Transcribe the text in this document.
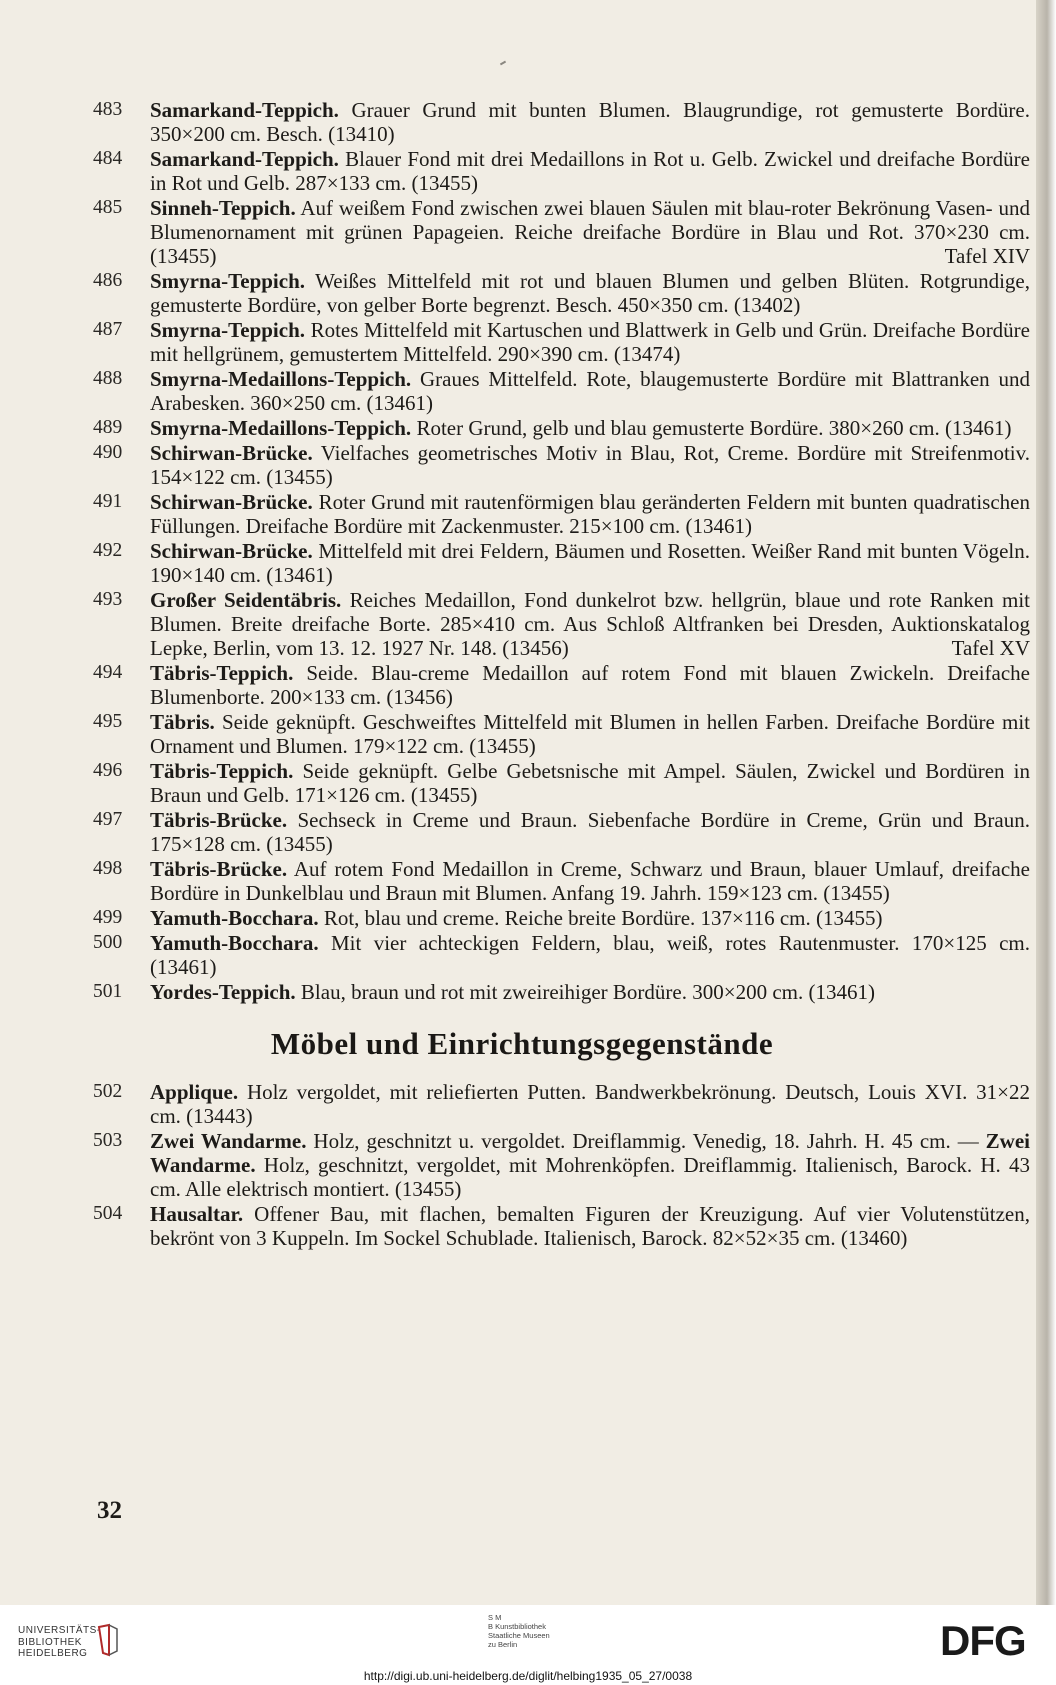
483	Samarkand-Teppich. Grauer Grund mit bunten Blumen. Blaugrundige, rot gemusterte Bordüre. 350×200 cm. Besch. (13410)
484	Samarkand-Teppich. Blauer Fond mit drei Medaillons in Rot u. Gelb. Zwickel und dreifache Bordüre in Rot und Gelb. 287×133 cm. (13455)
485	Sinneh-Teppich. Auf weißem Fond zwischen zwei blauen Säulen mit blau-roter Bekrönung Vasen- und Blumenornament mit grünen Papageien. Reiche dreifache Bordüre in Blau und Rot. 370×230 cm. (13455)	Tafel XIV
486	Smyrna-Teppich. Weißes Mittelfeld mit rot und blauen Blumen und gelben Blüten. Rotgrundige, gemusterte Bordüre, von gelber Borte begrenzt. Besch. 450×350 cm. (13402)
487	Smyrna-Teppich. Rotes Mittelfeld mit Kartuschen und Blattwerk in Gelb und Grün. Dreifache Bordüre mit hellgrünem, gemustertem Mittelfeld. 290×390 cm. (13474)
488	Smyrna-Medaillons-Teppich. Graues Mittelfeld. Rote, blaugemusterte Bordüre mit Blattranken und Arabesken. 360×250 cm. (13461)
489	Smyrna-Medaillons-Teppich. Roter Grund, gelb und blau gemusterte Bordüre. 380×260 cm. (13461)
490	Schirwan-Brücke. Vielfaches geometrisches Motiv in Blau, Rot, Creme. Bordüre mit Streifenmotiv. 154×122 cm. (13455)
491	Schirwan-Brücke. Roter Grund mit rautenförmigen blau geränderten Feldern mit bunten quadratischen Füllungen. Dreifache Bordüre mit Zackenmuster. 215×100 cm. (13461)
492	Schirwan-Brücke. Mittelfeld mit drei Feldern, Bäumen und Rosetten. Weißer Rand mit bunten Vögeln. 190×140 cm. (13461)
493	Großer Seidentäbris. Reiches Medaillon, Fond dunkelrot bzw. hellgrün, blaue und rote Ranken mit Blumen. Breite dreifache Borte. 285×410 cm. Aus Schloß Altfranken bei Dresden, Auktionskatalog Lepke, Berlin, vom 13. 12. 1927 Nr. 148. (13456)	Tafel XV
494	Täbris-Teppich. Seide. Blau-creme Medaillon auf rotem Fond mit blauen Zwickeln. Dreifache Blumenborte. 200×133 cm. (13456)
495	Täbris. Seide geknüpft. Geschweiftes Mittelfeld mit Blumen in hellen Farben. Dreifache Bordüre mit Ornament und Blumen. 179×122 cm. (13455)
496	Täbris-Teppich. Seide geknüpft. Gelbe Gebetsnische mit Ampel. Säulen, Zwickel und Bordüren in Braun und Gelb. 171×126 cm. (13455)
497	Täbris-Brücke. Sechseck in Creme und Braun. Siebenfache Bordüre in Creme, Grün und Braun. 175×128 cm. (13455)
498	Täbris-Brücke. Auf rotem Fond Medaillon in Creme, Schwarz und Braun, blauer Umlauf, dreifache Bordüre in Dunkelblau und Braun mit Blumen. Anfang 19. Jahrh. 159×123 cm. (13455)
499	Yamuth-Bocchara. Rot, blau und creme. Reiche breite Bordüre. 137×116 cm. (13455)
500	Yamuth-Bocchara. Mit vier achteckigen Feldern, blau, weiß, rotes Rautenmuster. 170×125 cm. (13461)
501	Yordes-Teppich. Blau, braun und rot mit zweireihiger Bordüre. 300×200 cm. (13461)
Möbel und Einrichtungsgegenstände
502	Applique. Holz vergoldet, mit reliefierten Putten. Bandwerkbekrönung. Deutsch, Louis XVI. 31×22 cm. (13443)
503	Zwei Wandarme. Holz, geschnitzt u. vergoldet. Dreiflammig. Venedig, 18. Jahrh. H. 45 cm. — Zwei Wandarme. Holz, geschnitzt, vergoldet, mit Mohrenköpfen. Dreiflammig. Italienisch, Barock. H. 43 cm. Alle elektrisch montiert. (13455)
504	Hausaltar. Offener Bau, mit flachen, bemalten Figuren der Kreuzigung. Auf vier Volutenstützen, bekrönt von 3 Kuppeln. Im Sockel Schublade. Italienisch, Barock. 82×52×35 cm. (13460)
32
UNIVERSITÄTS-
BIBLIOTHEK
HEIDELBERG
S M
B Kunstbibliothek
Staatliche Museen
zu Berlin	DFG
http://digi.ub.uni-heidelberg.de/diglit/helbing1935_05_27/0038
